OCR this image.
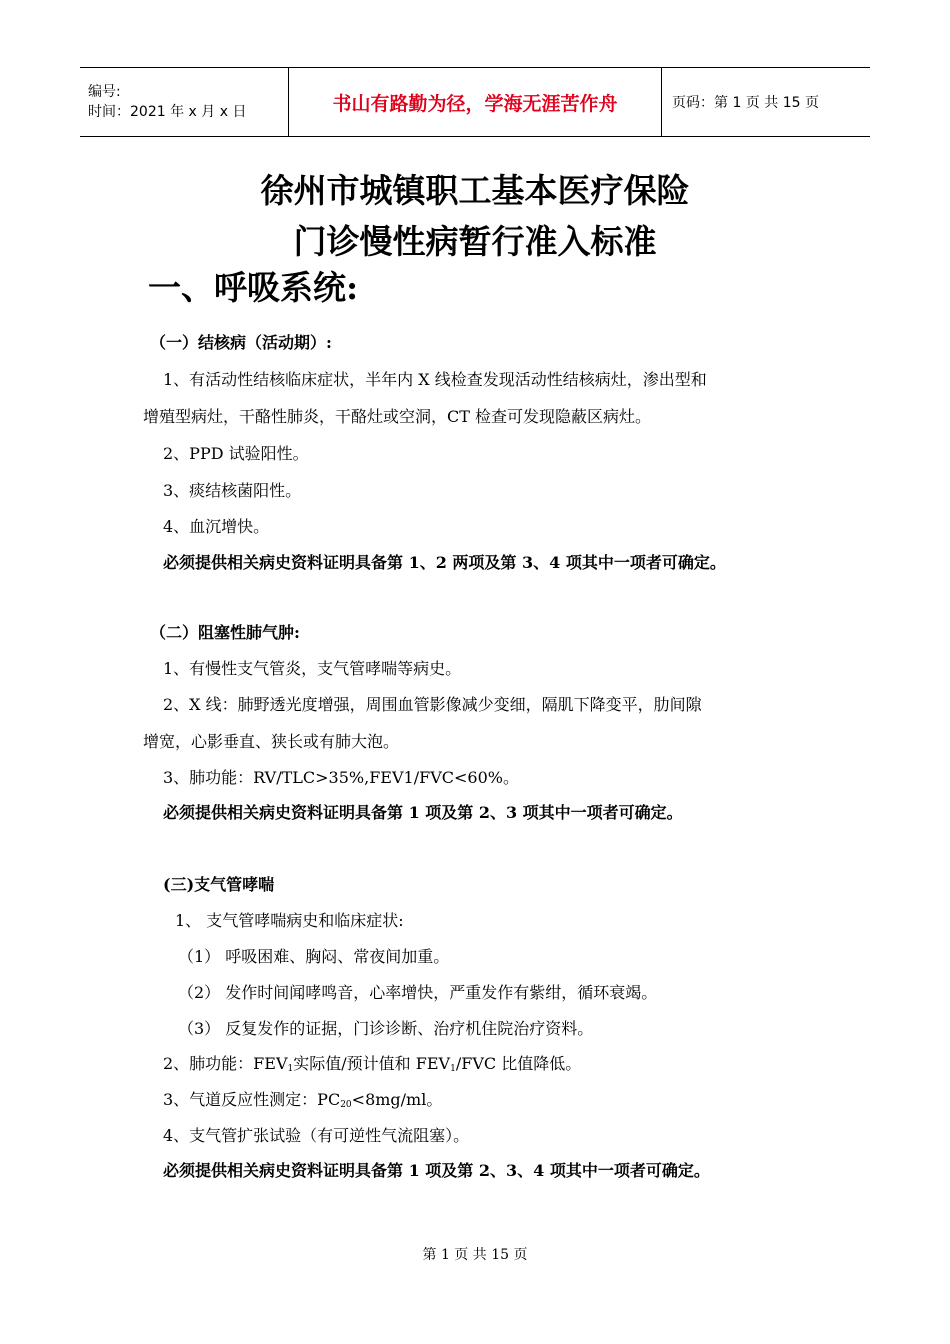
编号:
时间：2021 年 x 月 x 日	书山有路勤为径，学海无涯苦作舟	页码：第 1 页 共 15 页
徐州市城镇职工基本医疗保险
门诊慢性病暂行准入标准
一、呼吸系统:
（一）结核病（活动期）:
1、有活动性结核临床症状，半年内 X 线检查发现活动性结核病灶，渗出型和
增殖型病灶，干酪性肺炎，干酪灶或空洞，CT 检查可发现隐蔽区病灶。
2、PPD 试验阳性。
3、痰结核菌阳性。
4、血沉增快。
必须提供相关病史资料证明具备第 1、2 两项及第 3、4 项其中一项者可确定。
（二）阻塞性肺气肿:
1、有慢性支气管炎，支气管哮喘等病史。
2、X 线：肺野透光度增强，周围血管影像减少变细，隔肌下降变平，肋间隙
增宽，心影垂直、狭长或有肺大泡。
3、肺功能：RV/TLC>35%,FEV1/FVC<60%。
必须提供相关病史资料证明具备第 1 项及第 2、3 项其中一项者可确定。
(三)支气管哮喘
1、 支气管哮喘病史和临床症状:
（1） 呼吸困难、胸闷、常夜间加重。
（2） 发作时间闻哮鸣音，心率增快，严重发作有紫绀，循环衰竭。
（3） 反复发作的证据，门诊诊断、治疗机住院治疗资料。
2、肺功能：$FEV_1$实际值/预计值和 $FEV_1$/FVC 比值降低。
3、气道反应性测定：$PC_{20}<8mg/ml$。
4、支气管扩张试验（有可逆性气流阻塞）。
必须提供相关病史资料证明具备第 1 项及第 2、3、4 项其中一项者可确定。
第 1 页 共 15 页
